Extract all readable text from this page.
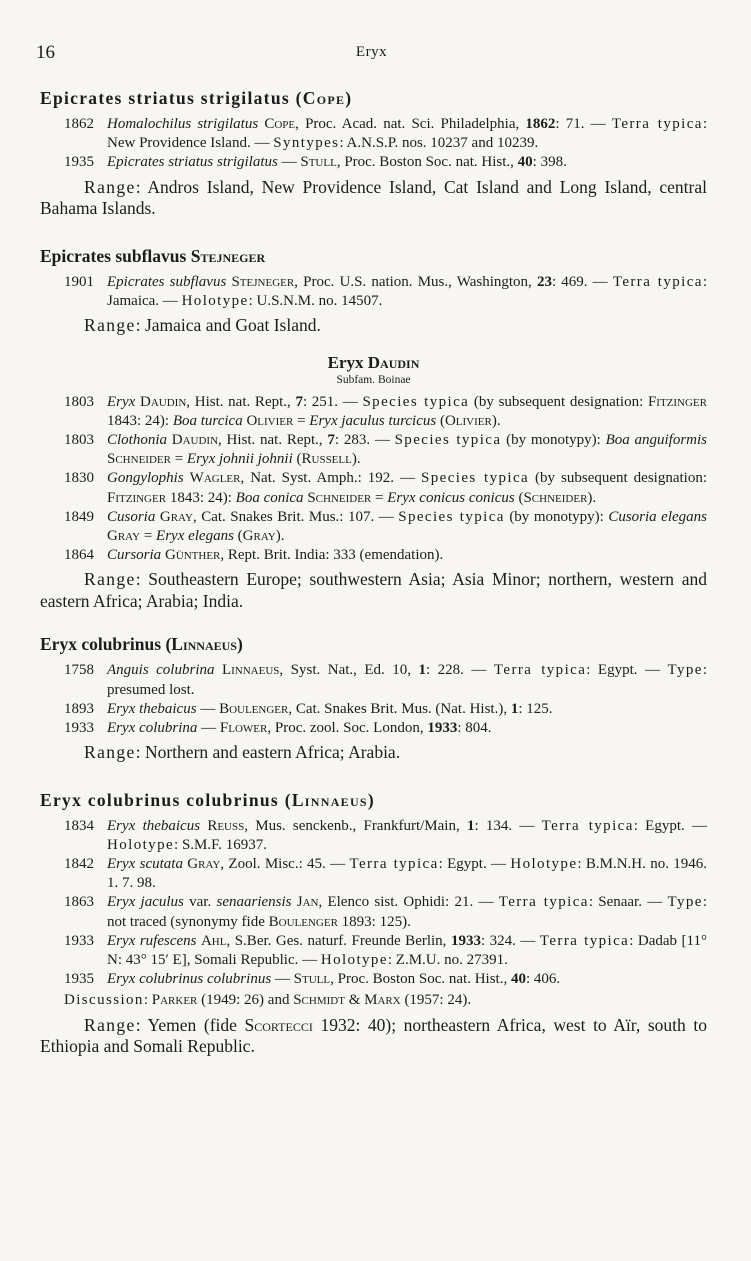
16	Eryx
Epicrates striatus strigilatus (Cope)
1862 Homalochilus strigilatus Cope, Proc. Acad. nat. Sci. Philadelphia, 1862: 71. — Terra typica: New Providence Island. — Syntypes: A.N.S.P. nos. 10237 and 10239.
1935 Epicrates striatus strigilatus — Stull, Proc. Boston Soc. nat. Hist., 40: 398.

Range: Andros Island, New Providence Island, Cat Island and Long Island, central Bahama Islands.

Epicrates subflavus Stejneger
1901 Epicrates subflavus Stejneger, Proc. U.S. nation. Mus., Washington, 23: 469. — Terra typica: Jamaica. — Holotype: U.S.N.M. no. 14507.

Range: Jamaica and Goat Island.

Eryx Daudin
Subfam. Boinae
1803 Eryx Daudin, Hist. nat. Rept., 7: 251. — Species typica (by subsequent designation: Fitzinger 1843: 24): Boa turcica Olivier = Eryx jaculus turcicus (Olivier).
1803 Clothonia Daudin, Hist. nat. Rept., 7: 283. — Species typica (by monotypy): Boa anguiformis Schneider = Eryx johnii johnii (Russell).
1830 Gongylophis Wagler, Nat. Syst. Amph.: 192. — Species typica (by subsequent designation: Fitzinger 1843: 24): Boa conica Schneider = Eryx conicus conicus (Schneider).
1849 Cusoria Gray, Cat. Snakes Brit. Mus.: 107. — Species typica (by monotypy): Cusoria elegans Gray = Eryx elegans (Gray).
1864 Cursoria Günther, Rept. Brit. India: 333 (emendation).

Range: Southeastern Europe; southwestern Asia; Asia Minor; northern, western and eastern Africa; Arabia; India.

Eryx colubrinus (Linnaeus)
1758 Anguis colubrina Linnaeus, Syst. Nat., Ed. 10, 1: 228. — Terra typica: Egypt. — Type: presumed lost.
1893 Eryx thebaicus — Boulenger, Cat. Snakes Brit. Mus. (Nat. Hist.), 1: 125.
1933 Eryx colubrina — Flower, Proc. zool. Soc. London, 1933: 804.

Range: Northern and eastern Africa; Arabia.

Eryx colubrinus colubrinus (Linnaeus)
1834 Eryx thebaicus Reuss, Mus. senckenb., Frankfurt/Main, 1: 134. — Terra typica: Egypt. — Holotype: S.M.F. 16937.
1842 Eryx scutata Gray, Zool. Misc.: 45. — Terra typica: Egypt. — Holotype: B.M.N.H. no. 1946. 1. 7. 98.
1863 Eryx jaculus var. senaariensis Jan, Elenco sist. Ophidi: 21. — Terra typica: Senaar. — Type: not traced (synonymy fide Boulenger 1893: 125).
1933 Eryx rufescens Ahl, S.Ber. Ges. naturf. Freunde Berlin, 1933: 324. — Terra typica: Dadab [11° N: 43° 15′ E], Somali Republic. — Holotype: Z.M.U. no. 27391.
1935 Eryx colubrinus colubrinus — Stull, Proc. Boston Soc. nat. Hist., 40: 406.

Discussion: Parker (1949: 26) and Schmidt & Marx (1957: 24).

Range: Yemen (fide Scortecci 1932: 40); northeastern Africa, west to Aïr, south to Ethiopia and Somali Republic.
